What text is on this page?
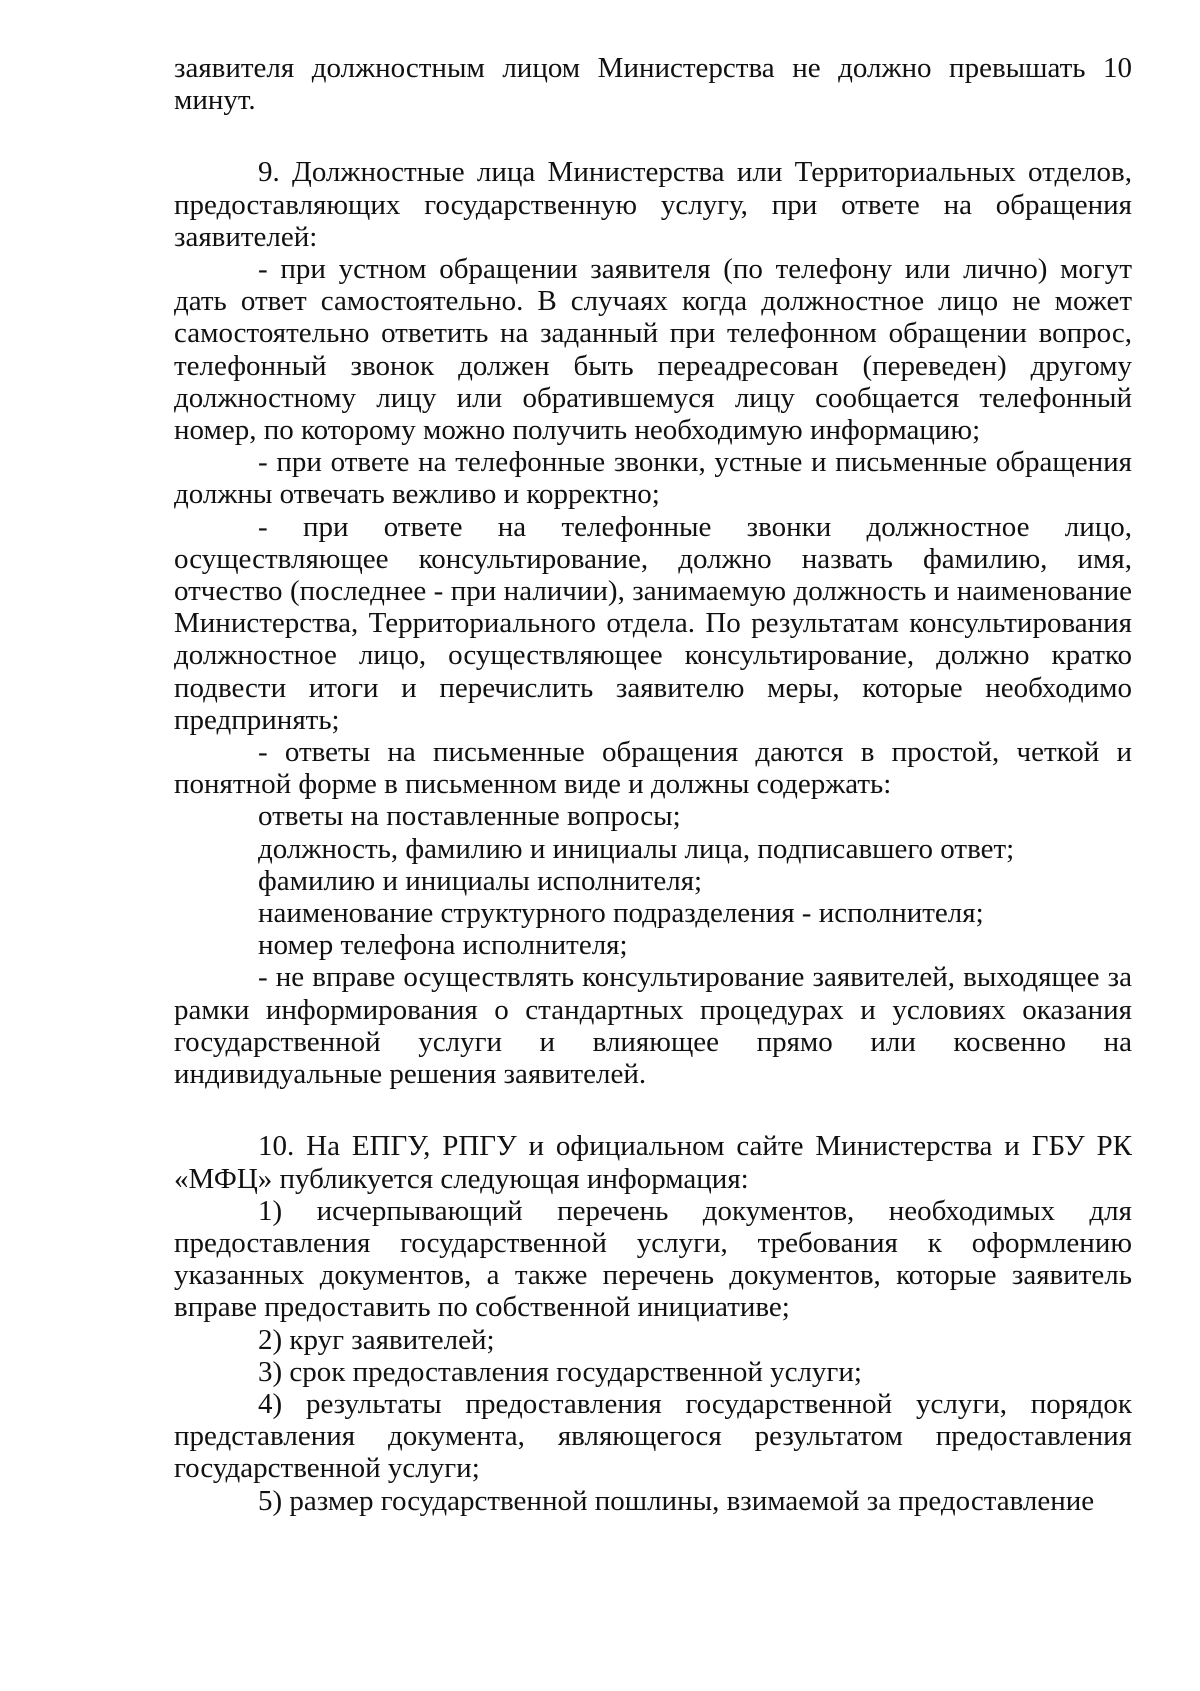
заявителя должностным лицом Министерства не должно превышать 10 минут.

9. Должностные лица Министерства или Территориальных отделов, предоставляющих государственную услугу, при ответе на обращения заявителей:

- при устном обращении заявителя (по телефону или лично) могут дать ответ самостоятельно. В случаях когда должностное лицо не может самостоятельно ответить на заданный при телефонном обращении вопрос, телефонный звонок должен быть переадресован (переведен) другому должностному лицу или обратившемуся лицу сообщается телефонный номер, по которому можно получить необходимую информацию;

- при ответе на телефонные звонки, устные и письменные обращения должны отвечать вежливо и корректно;

- при ответе на телефонные звонки должностное лицо, осуществляющее консультирование, должно назвать фамилию, имя, отчество (последнее - при наличии), занимаемую должность и наименование Министерства, Территориального отдела. По результатам консультирования должностное лицо, осуществляющее консультирование, должно кратко подвести итоги и перечислить заявителю меры, которые необходимо предпринять;

- ответы на письменные обращения даются в простой, четкой и понятной форме в письменном виде и должны содержать:

ответы на поставленные вопросы;

должность, фамилию и инициалы лица, подписавшего ответ;

фамилию и инициалы исполнителя;

наименование структурного подразделения - исполнителя;

номер телефона исполнителя;

- не вправе осуществлять консультирование заявителей, выходящее за рамки информирования о стандартных процедурах и условиях оказания государственной услуги и влияющее прямо или косвенно на индивидуальные решения заявителей.

10. На ЕПГУ, РПГУ и официальном сайте Министерства и ГБУ РК «МФЦ» публикуется следующая информация:

1) исчерпывающий перечень документов, необходимых для предоставления государственной услуги, требования к оформлению указанных документов, а также перечень документов, которые заявитель вправе предоставить по собственной инициативе;

2) круг заявителей;

3) срок предоставления государственной услуги;

4) результаты предоставления государственной услуги, порядок представления документа, являющегося результатом предоставления государственной услуги;

5) размер государственной пошлины, взимаемой за предоставление
